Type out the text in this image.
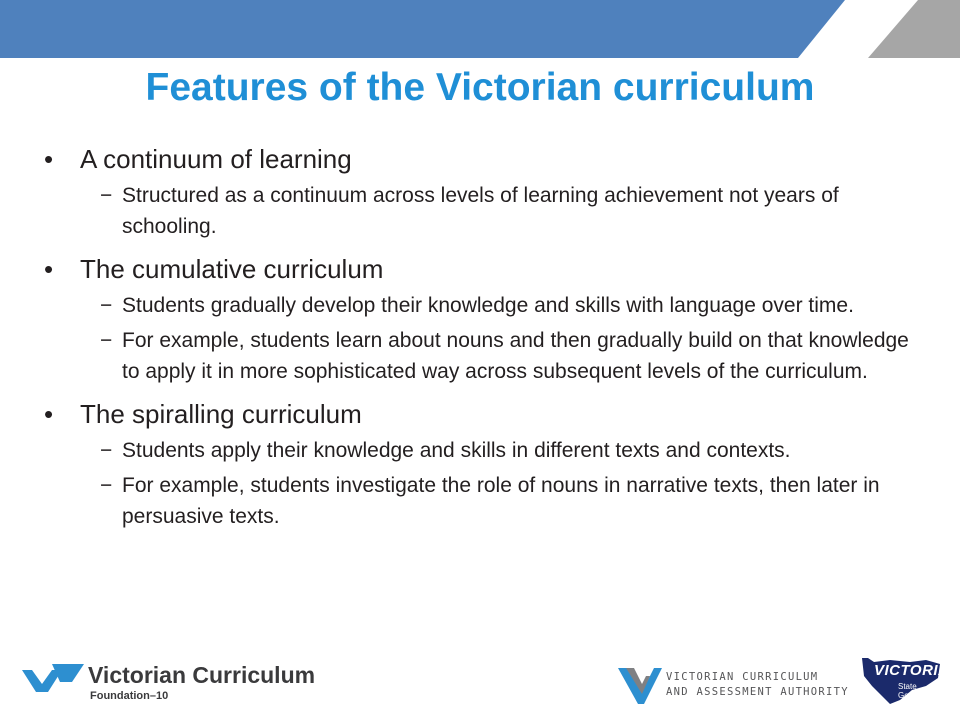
Features of the Victorian curriculum
• A continuum of learning
− Structured as a continuum across levels of learning achievement not years of schooling.
• The cumulative curriculum
− Students gradually develop their knowledge and skills with language over time.
− For example, students learn about nouns and then gradually build on that knowledge to apply it in more sophisticated way across subsequent levels of the curriculum.
• The spiralling curriculum
− Students apply their knowledge and skills in different texts and contexts.
− For example, students investigate the role of nouns in narrative texts, then later in persuasive texts.
Victorian Curriculum
Foundation–10
VICTORIAN CURRICULUM
AND ASSESSMENT AUTHORITY
VICTORIA
State
Government
